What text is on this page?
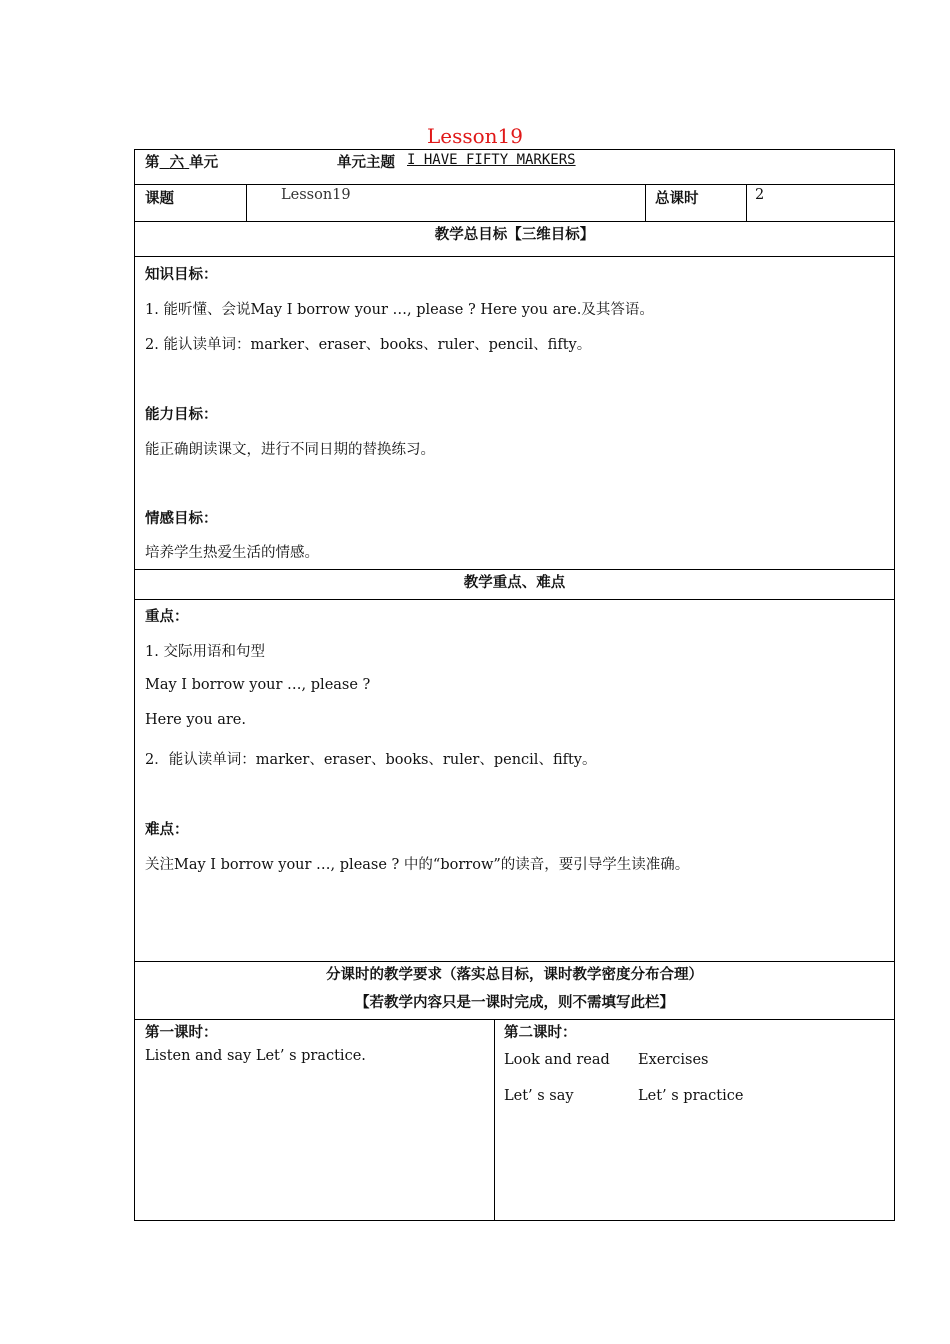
Lesson19
第 六 单元	单元主题 I HAVE FIFTY MARKERS
课题	Lesson19	总课时	2
教学总目标【三维目标】
知识目标：
1. 能听懂、会说May I borrow your …, please ? Here you are.及其答语。
2. 能认读单词：marker、eraser、books、ruler、pencil、fifty。
能力目标：
能正确朗读课文，进行不同日期的替换练习。
情感目标：
培养学生热爱生活的情感。
教学重点、难点
重点：
1. 交际用语和句型
May I borrow your …, please ?
Here you are.
2．能认读单词：marker、eraser、books、ruler、pencil、fifty。
难点：
关注May I borrow your …, please ? 中的“borrow”的读音，要引导学生读准确。
分课时的教学要求（落实总目标，课时教学密度分布合理）
【若教学内容只是一课时完成，则不需填写此栏】
第一课时：
Listen and say Let’ s practice.
第二课时：
Look and read Exercises
Let’ s say	Let’ s practice
